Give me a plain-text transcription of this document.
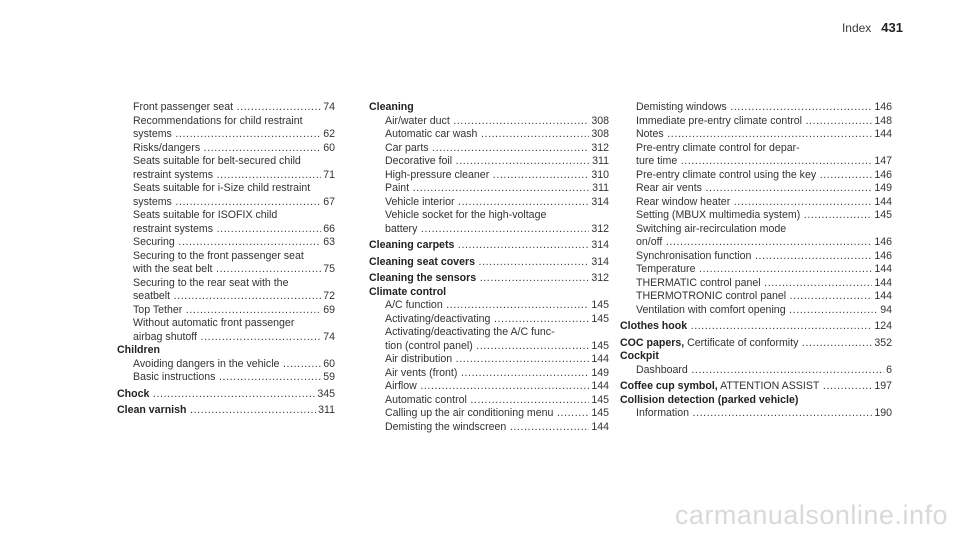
Index 431
Front passenger seat .....	74
Recommendations for child restraint
systems .....	62
Risks/dangers .....	60
Seats suitable for belt-secured child
restraint systems .....	71
Seats suitable for i-Size child restraint
systems .....	67
Seats suitable for ISOFIX child
restraint systems .....	66
Securing .....	63
Securing to the front passenger seat
with the seat belt .....	75
Securing to the rear seat with the
seatbelt .....	72
Top Tether .....	69
Without automatic front passenger
airbag shutoff .....	74
Children
Avoiding dangers in the vehicle .....	60
Basic instructions .....	59
Chock .....	345
Clean varnish .....	311
Cleaning
Air/water duct .....	308
Automatic car wash .....	308
Car parts .....	312
Decorative foil .....	311
High-pressure cleaner .....	310
Paint .....	311
Vehicle interior .....	314
Vehicle socket for the high-voltage
battery .....	312
Cleaning carpets .....	314
Cleaning seat covers .....	314
Cleaning the sensors .....	312
Climate control
A/C function .....	145
Activating/deactivating .....	145
Activating/deactivating the A/C func-
tion (control panel) .....	145
Air distribution .....	144
Air vents (front) .....	149
Airflow .....	144
Automatic control .....	145
Calling up the air conditioning menu .....	145
Demisting the windscreen .....	144
Demisting windows .....	146
Immediate pre-entry climate control .....	148
Notes .....	144
Pre-entry climate control for depar-
ture time .....	147
Pre-entry climate control using the key .....	146
Rear air vents .....	149
Rear window heater .....	144
Setting (MBUX multimedia system) .....	145
Switching air-recirculation mode
on/off .....	146
Synchronisation function .....	146
Temperature .....	144
THERMATIC control panel .....	144
THERMOTRONIC control panel .....	144
Ventilation with comfort opening .....	94
Clothes hook .....	124
COC papers, Certificate of conformity .....	352
Cockpit
Dashboard .....	6
Coffee cup symbol, ATTENTION ASSIST .....	197
Collision detection (parked vehicle)
Information .....	190
carmanualsonline.info
